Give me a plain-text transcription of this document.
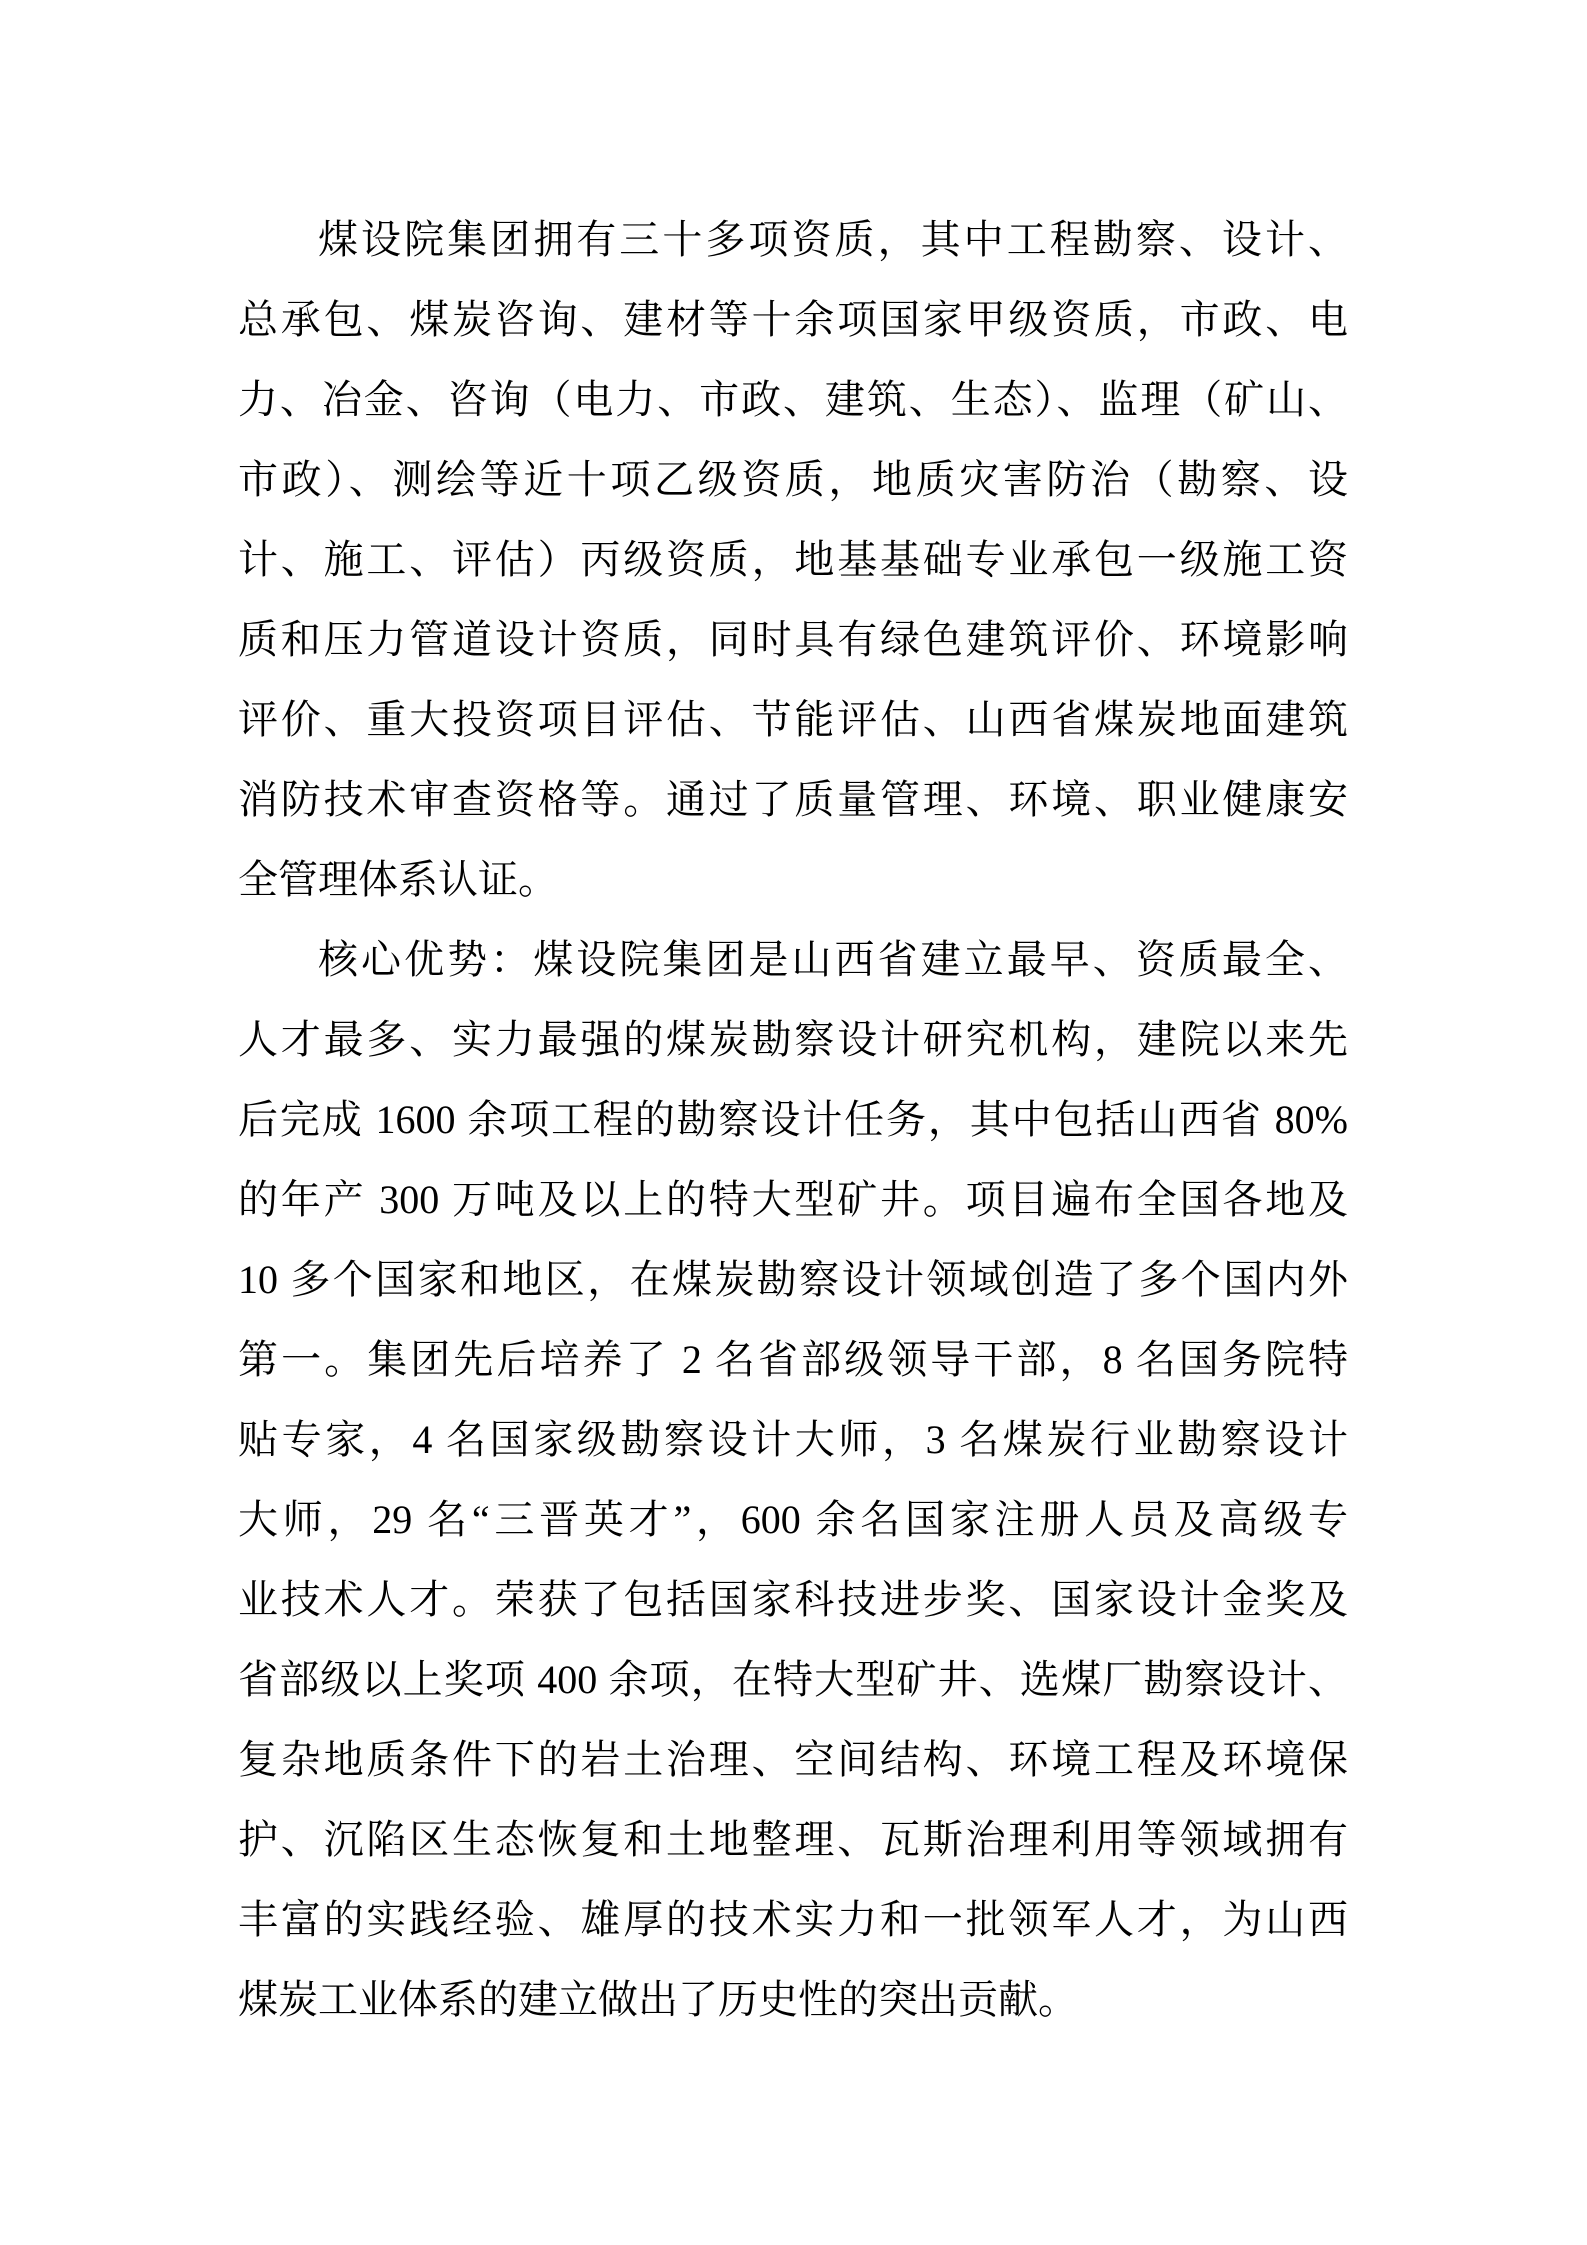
煤设院集团拥有三十多项资质，其中工程勘察、设计、
总承包、煤炭咨询、建材等十余项国家甲级资质，市政、电
力、冶金、咨询（电力、市政、建筑、生态）、监理（矿山、
市政）、测绘等近十项乙级资质，地质灾害防治（勘察、设
计、施工、评估）丙级资质，地基基础专业承包一级施工资
质和压力管道设计资质，同时具有绿色建筑评价、环境影响
评价、重大投资项目评估、节能评估、山西省煤炭地面建筑
消防技术审查资格等。通过了质量管理、环境、职业健康安
全管理体系认证。
核心优势：煤设院集团是山西省建立最早、资质最全、
人才最多、实力最强的煤炭勘察设计研究机构，建院以来先
后完成 1600 余项工程的勘察设计任务，其中包括山西省 80%
的年产 300 万吨及以上的特大型矿井。项目遍布全国各地及
10 多个国家和地区，在煤炭勘察设计领域创造了多个国内外
第一。集团先后培养了 2 名省部级领导干部，8 名国务院特
贴专家，4 名国家级勘察设计大师，3 名煤炭行业勘察设计
大师，29 名“三晋英才”，600 余名国家注册人员及高级专
业技术人才。荣获了包括国家科技进步奖、国家设计金奖及
省部级以上奖项 400 余项，在特大型矿井、选煤厂勘察设计、
复杂地质条件下的岩土治理、空间结构、环境工程及环境保
护、沉陷区生态恢复和土地整理、瓦斯治理利用等领域拥有
丰富的实践经验、雄厚的技术实力和一批领军人才，为山西
煤炭工业体系的建立做出了历史性的突出贡献。
